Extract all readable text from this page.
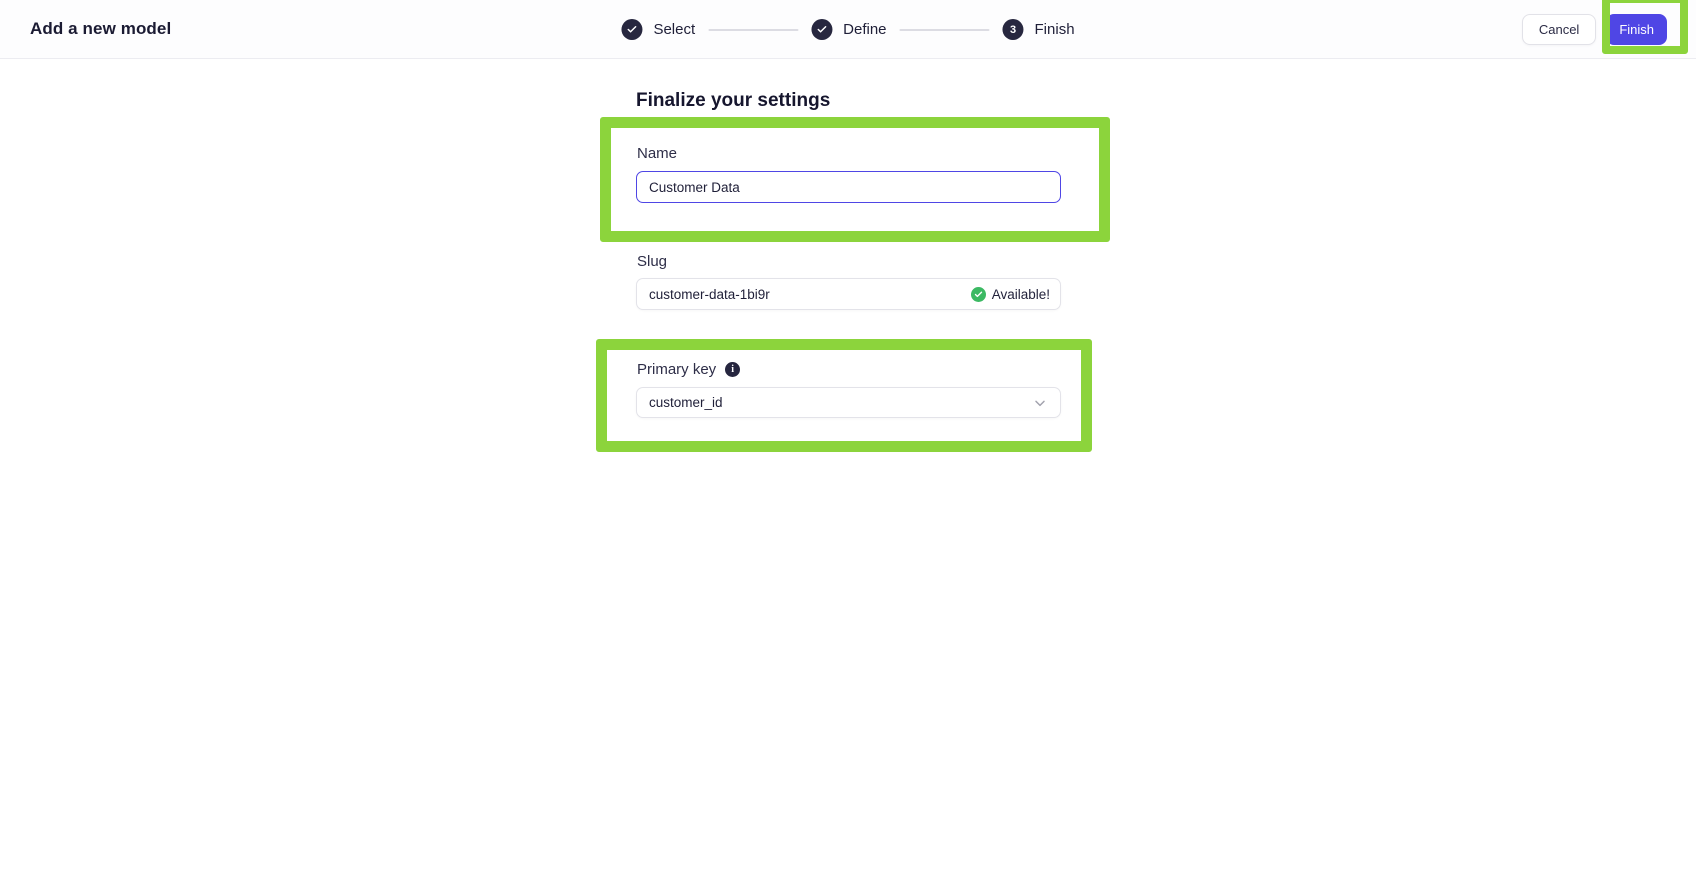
Add a new model	Select	Define	3	Finish	Cancel	Finish
Finalize your settings
Name
Customer Data
Slug
customer-data-1bi9r	Available!
Primary key	i
customer_id
